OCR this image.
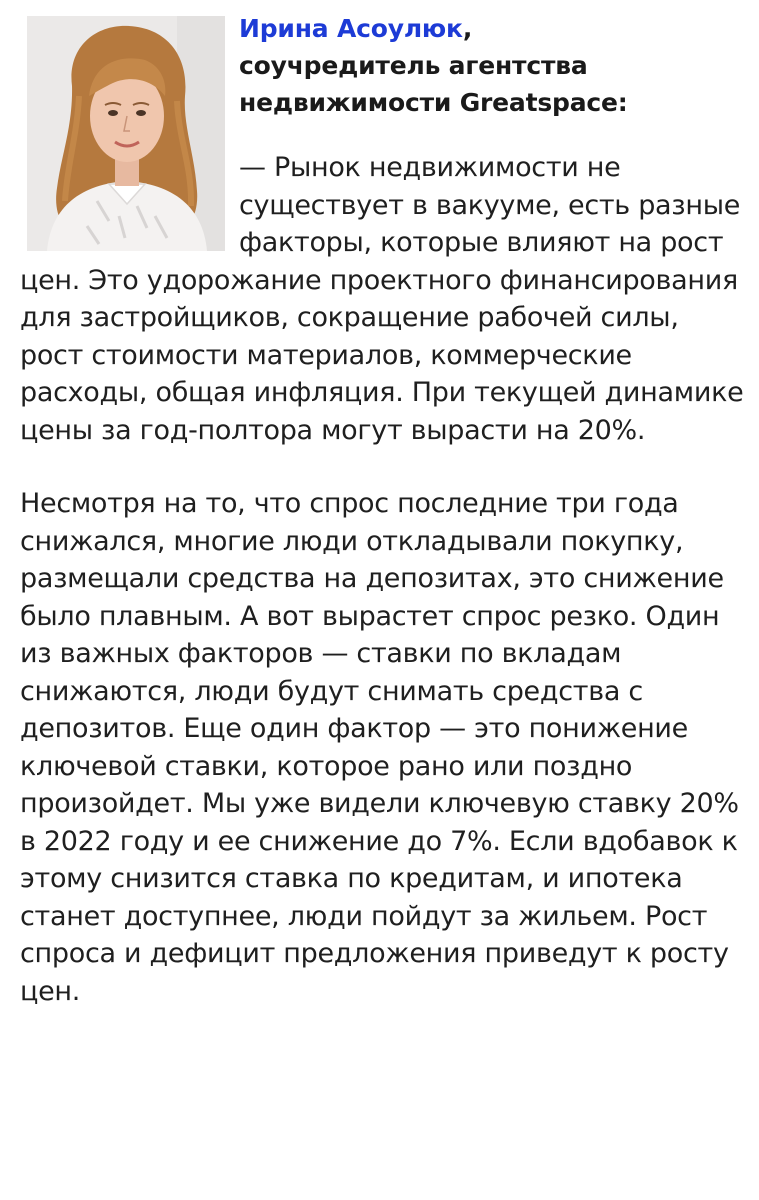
Ирина Асоулюк,
соучредитель агентства недвижимости Greatspace:

— Рынок недвижимости не существует в вакууме, есть разные факторы, которые влияют на рост цен. Это удорожание проектного финансирования для застройщиков, сокращение рабочей силы, рост стоимости материалов, коммерческие расходы, общая инфляция. При текущей динамике цены за год-полтора могут вырасти на 20%.

Несмотря на то, что спрос последние три года снижался, многие люди откладывали покупку, размещали средства на депозитах, это снижение было плавным. А вот вырастет спрос резко. Один из важных факторов — ставки по вкладам снижаются, люди будут снимать средства с депозитов. Еще один фактор — это понижение ключевой ставки, которое рано или поздно произойдет. Мы уже видели ключевую ставку 20% в 2022 году и ее снижение до 7%. Если вдобавок к этому снизится ставка по кредитам, и ипотека станет доступнее, люди пойдут за жильем. Рост спроса и дефицит предложения приведут к росту цен.
